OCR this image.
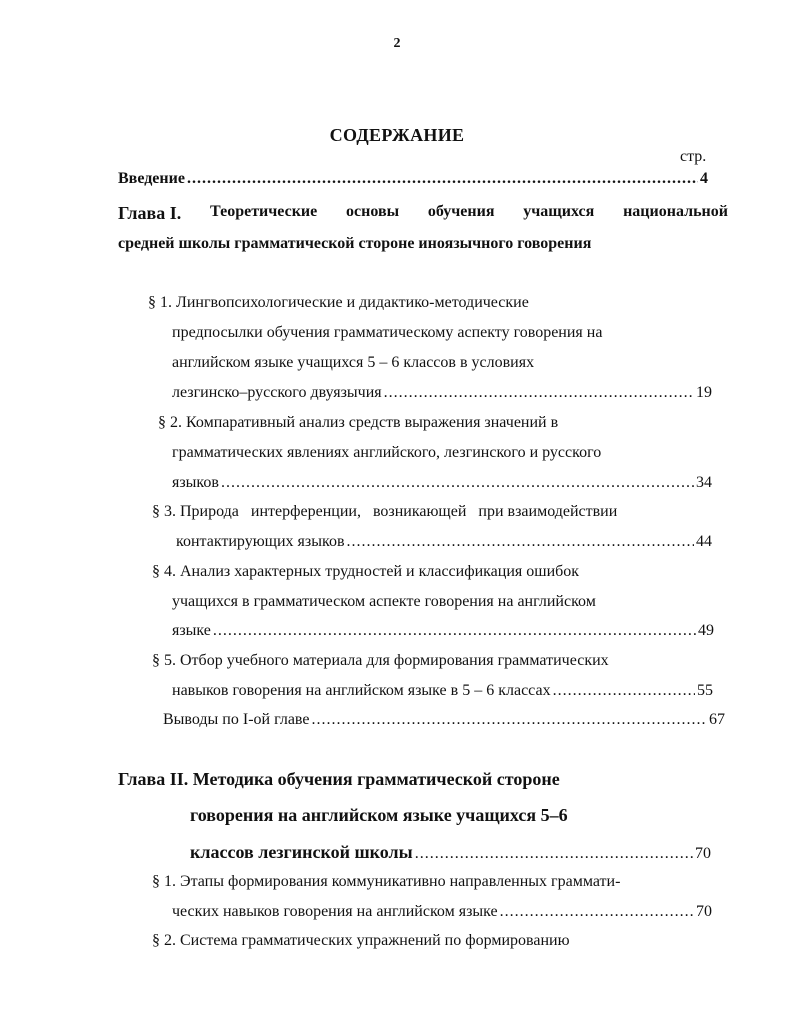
2
СОДЕРЖАНИЕ
стр.
Введение .....	4
Глава I. Теоретические основы обучения учащихся национальной
средней школы грамматической стороне иноязычного говорения
§ 1. Лингвопсихологические и дидактико-методические
предпосылки обучения грамматическому аспекту говорения на
английском языке учащихся 5 – 6 классов в условиях
лезгинско–русского двуязычия .....	19
§ 2. Компаративный анализ средств выражения значений в
грамматических явлениях английского, лезгинского и русского
языков .....	34
§ 3. Природа   интерференции,   возникающей   при взаимодействии
контактирующих языков .....	44
§ 4. Анализ характерных трудностей и классификация ошибок
учащихся в грамматическом аспекте говорения на английском
языке .....	49
§ 5. Отбор учебного материала для формирования грамматических
навыков говорения на английском языке в 5 – 6 классах .....	55
Выводы по I-ой главе .....	67
Глава II. Методика обучения грамматической стороне
говорения на английском языке учащихся 5–6
классов лезгинской школы .....	70
§ 1. Этапы формирования коммуникативно направленных граммати-
ческих навыков говорения на английском языке .....	70
§ 2. Система грамматических упражнений по формированию
